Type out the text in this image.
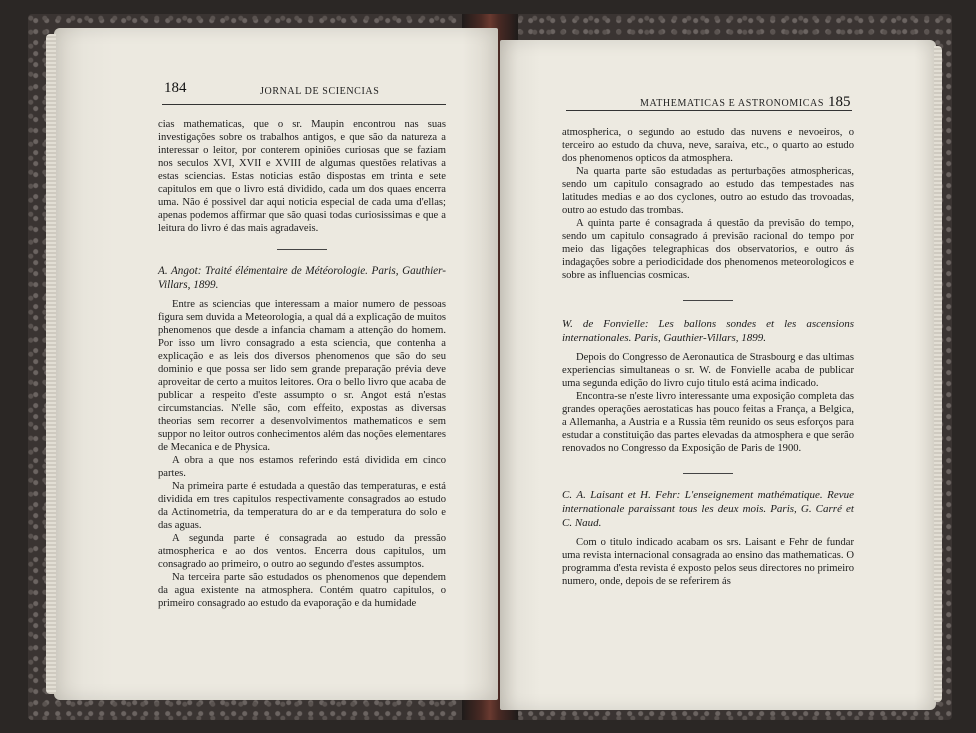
184	JORNAL DE SCIENCIAS

cias mathematicas, que o sr. Maupin encontrou nas suas investigações sobre os trabalhos antigos, e que são da natureza a interessar o leitor, por conterem opiniões curiosas que se faziam nos seculos XVI, XVII e XVIII de algumas questões relativas a estas sciencias. Estas noticias estão dispostas em trinta e sete capitulos em que o livro está dividido, cada um dos quaes encerra uma. Não é possivel dar aqui noticia especial de cada uma d'ellas; apenas podemos affirmar que são quasi todas curiosissimas e que a leitura do livro é das mais agradaveis.

A. Angot: Traité élémentaire de Météorologie. Paris, Gauthier-Villars, 1899.

Entre as sciencias que interessam a maior numero de pessoas figura sem duvida a Meteorologia, a qual dá a explicação de muitos phenomenos que desde a infancia chamam a attenção do homem. Por isso um livro consagrado a esta sciencia, que contenha a explicação e as leis dos diversos phenomenos que são do seu dominio e que possa ser lido sem grande preparação prévia deve aproveitar de certo a muitos leitores. Ora o bello livro que acaba de publicar a respeito d'este assumpto o sr. Angot está n'estas circumstancias. N'elle são, com effeito, expostas as diversas theorias sem recorrer a desenvolvimentos mathematicos e sem suppor no leitor outros conhecimentos além das noções elementares de Mecanica e de Physica.

A obra a que nos estamos referindo está dividida em cinco partes.

Na primeira parte é estudada a questão das temperaturas, e está dividida em tres capitulos respectivamente consagrados ao estudo da Actinometria, da temperatura do ar e da temperatura do solo e das aguas.

A segunda parte é consagrada ao estudo da pressão atmospherica e ao dos ventos. Encerra dous capitulos, um consagrado ao primeiro, o outro ao segundo d'estes assumptos.

Na terceira parte são estudados os phenomenos que dependem da agua existente na atmosphera. Contém quatro capitulos, o primeiro consagrado ao estudo da evaporação e da humidade

MATHEMATICAS E ASTRONOMICAS 185

atmospherica, o segundo ao estudo das nuvens e nevoeiros, o terceiro ao estudo da chuva, neve, saraiva, etc., o quarto ao estudo dos phenomenos opticos da atmosphera.

Na quarta parte são estudadas as perturbações atmosphericas, sendo um capitulo consagrado ao estudo das tempestades nas latitudes medias e ao dos cyclones, outro ao estudo das trovoadas, outro ao estudo das trombas.

A quinta parte é consagrada á questão da previsão do tempo, sendo um capitulo consagrado á previsão racional do tempo por meio das ligações telegraphicas dos observatorios, e outro ás indagações sobre a periodicidade dos phenomenos meteorologicos e sobre as influencias cosmicas.

W. de Fonvielle: Les ballons sondes et les ascensions internationales. Paris, Gauthier-Villars, 1899.

Depois do Congresso de Aeronautica de Strasbourg e das ultimas experiencias simultaneas o sr. W. de Fonvielle acaba de publicar uma segunda edição do livro cujo titulo está acima indicado.

Encontra-se n'este livro interessante uma exposição completa das grandes operações aerostaticas has pouco feitas a França, a Belgica, a Allemanha, a Austria e a Russia têm reunido os seus esforços para estudar a constituição das partes elevadas da atmosphera e que serão renovados no Congresso da Exposição de Paris de 1900.

C. A. Laisant et H. Fehr: L'enseignement mathématique. Revue internationale paraissant tous les deux mois. Paris, G. Carré et C. Naud.

Com o titulo indicado acabam os srs. Laisant e Fehr de fundar uma revista internacional consagrada ao ensino das mathematicas. O programma d'esta revista é exposto pelos seus directores no primeiro numero, onde, depois de se referirem ás
